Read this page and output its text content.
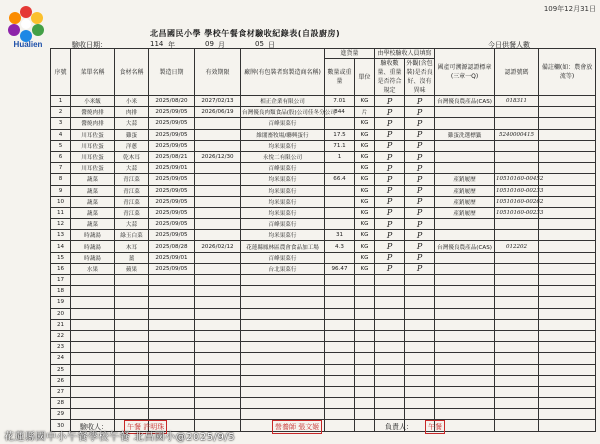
Hualien
109年12月31日
北昌國民小學 學校午餐食材驗收紀錄表(自設廚房)
驗收日期：	114 年	09 月	05 日	今日供餐人數
序號	菜單名稱	食材名稱	製造日期	有效期限	廠牌(有包裝者寫製造商名稱)	進貨量		由學校驗收人員填寫		國產可溯源認證標章(三章一Q)	認證號碼	備註欄(如：農會放流等)
						數量或重量	單位	驗收數量、重量是否符合規定	外觀(含包裝)是否良好、沒有異味			
1	小米飯	小米	2025/08/20	2027/02/13	相正企業有限公司	7.01	KG	P	P	台灣優良農產品(CAS)	018311	
2	醬燒肉排	肉排	2025/09/05	2026/06/19	台灣優良肉類食品(股)公司佳冬分公司	844	片	P	P			
3	醬燒肉排	大蒜	2025/09/05		百峰果菜行		KG	P	P			
4	川耳佐蛋	雞蛋	2025/09/05		維閣畜牧場/聯興蛋行	17.5	KG	P	P	雞蛋洗選標籤	5240000415	
5	川耳佐蛋	洋蔥	2025/09/05		均米果菜行	71.1	KG	P	P			
6	川耳佐蛋	乾木耳	2025/08/21	2026/12/30	永悅二有限公司	1	KG	P	P			
7	川耳佐蛋	大蒜	2025/09/01		百峰果菜行		KG	P	P			
8	蔬菜	青江菜	2025/09/05		均米果菜行	66.4	KG	P	P	產銷履歷	10510160-00452	
9	蔬菜	青江菜	2025/09/05		均米果菜行		KG	P	P	產銷履歷	10510160-00233	
10	蔬菜	青江菜	2025/09/05		均米果菜行		KG	P	P	產銷履歷	10510160-00262	
11	蔬菜	青江菜	2025/09/05		均米果菜行		KG	P	P	產銷履歷	10510160-00233	
12	蔬菜	大蒜	2025/09/05		百峰果菜行		KG	P	P			
13	時蔬湯	綠玉白菜	2025/09/05		均米果菜行	31	KG	P	P			
14	時蔬湯	木耳	2025/08/28	2026/02/12	花蓮縣鳳林區農會食品加工場	4.3	KG	P	P	台灣優良農產品(CAS)	012202	
15	時蔬湯	薑	2025/09/01		百峰果菜行		KG	P	P			
16	水果	蘋果	2025/09/05		台北果菜行	96.47	KG	P	P			
17												
18												
19												
20												
21												
22												
23												
24												
25												
26												
27												
28												
29												
30												驗收人：	午餐 許明珠	營養師 張文姬	負責人：	午餐
花蓮縣國中小午餐學校午餐 北昌國小@2025/9/5
